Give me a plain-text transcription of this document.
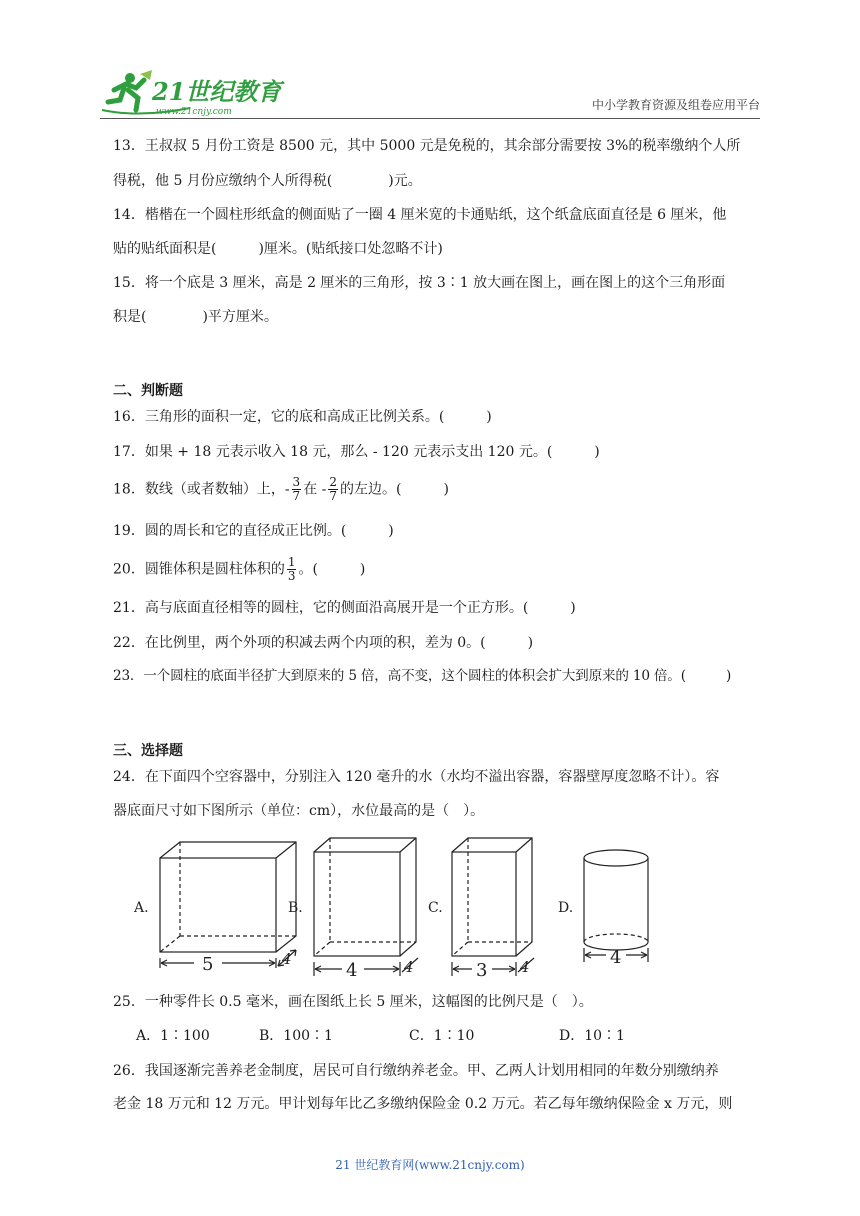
21世纪教育
www.21cnjy.com	中小学教育资源及组卷应用平台
13．王叔叔 5 月份工资是 8500 元，其中 5000 元是免税的，其余部分需要按 3%的税率缴纳个人所
得税，他 5 月份应缴纳个人所得税(　　　　)元。
14．楷楷在一个圆柱形纸盒的侧面贴了一圈 4 厘米宽的卡通贴纸，这个纸盒底面直径是 6 厘米，他
贴的贴纸面积是(　　　)厘米。(贴纸接口处忽略不计)
15．将一个底是 3 厘米，高是 2 厘米的三角形，按 3∶1 放大画在图上，画在图上的这个三角形面
积是(　　　　)平方厘米。
二、判断题
16．三角形的面积一定，它的底和高成正比例关系。(　　　)
17．如果 + 18 元表示收入 18 元，那么 - 120 元表示支出 120 元。(　　　)
18．数线（或者数轴）上，- $\frac{3}{7}$ 在 - $\frac{2}{7}$ 的左边。(　　　)
19．圆的周长和它的直径成正比例。(　　　)
20．圆锥体积是圆柱体积的 $\frac{1}{3}$ 。(　　　)
21．高与底面直径相等的圆柱，它的侧面沿高展开是一个正方形。(　　　)
22．在比例里，两个外项的积减去两个内项的积，差为 0。(　　　)
23．一个圆柱的底面半径扩大到原来的 5 倍，高不变，这个圆柱的体积会扩大到原来的 10 倍。(　　　)
三、选择题
24．在下面四个空容器中，分别注入 120 毫升的水（水均不溢出容器，容器壁厚度忽略不计）。容
器底面尺寸如下图所示（单位：cm），水位最高的是（　）。
A.	B.	C.	D.
5	4
4	4	3 4	4
25．一种零件长 0.5 毫米，画在图纸上长 5 厘米，这幅图的比例尺是（　）。
A．1∶100	B．100∶1	C．1∶10	D．10∶1
26．我国逐渐完善养老金制度，居民可自行缴纳养老金。甲、乙两人计划用相同的年数分别缴纳养
老金 18 万元和 12 万元。甲计划每年比乙多缴纳保险金 0.2 万元。若乙每年缴纳保险金 x 万元，则
21 世纪教育网(www.21cnjy.com)
